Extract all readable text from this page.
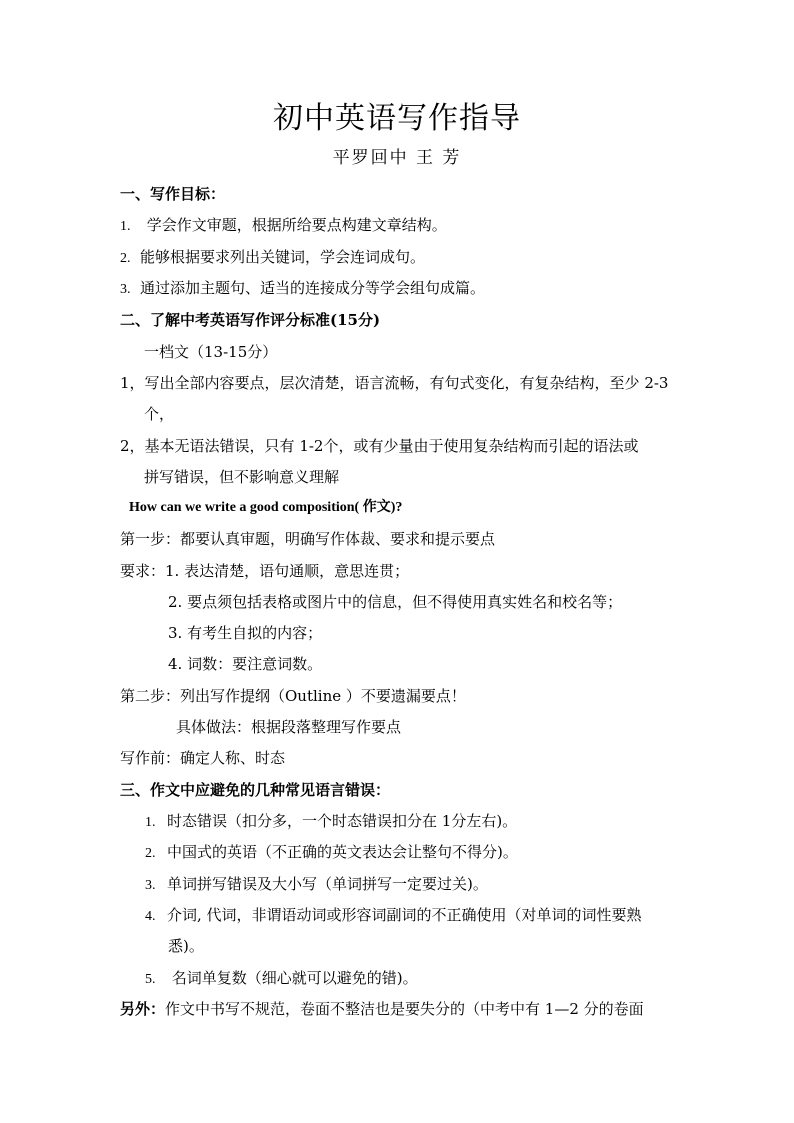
初中英语写作指导
平罗回中 王 芳
一、写作目标：
1. 学会作文审题，根据所给要点构建文章结构。
2. 能够根据要求列出关键词，学会连词成句。
3. 通过添加主题句、适当的连接成分等学会组句成篇。
二、了解中考英语写作评分标准(15分)
一档文（13-15分）
1，写出全部内容要点，层次清楚，语言流畅，有句式变化，有复杂结构，至少 2-3
个，
2，基本无语法错误，只有 1-2个，或有少量由于使用复杂结构而引起的语法或
拼写错误，但不影响意义理解
How can we write a good composition( 作文)?
第一步：都要认真审题，明确写作体裁、要求和提示要点
要求：1. 表达清楚，语句通顺，意思连贯；
2. 要点须包括表格或图片中的信息，但不得使用真实姓名和校名等；
3. 有考生自拟的内容；
4. 词数：要注意词数。
第二步：列出写作提纲（Outline ）不要遗漏要点！
具体做法：根据段落整理写作要点
写作前：确定人称、时态
三、作文中应避免的几种常见语言错误：
1. 时态错误（扣分多，一个时态错误扣分在 1分左右)。
2. 中国式的英语（不正确的英文表达会让整句不得分)。
3. 单词拼写错误及大小写（单词拼写一定要过关)。
4. 介词, 代词，非谓语动词或形容词副词的不正确使用（对单词的词性要熟
悉)。
5. 名词单复数（细心就可以避免的错)。
另外：作文中书写不规范，卷面不整洁也是要失分的（中考中有 1—2 分的卷面
